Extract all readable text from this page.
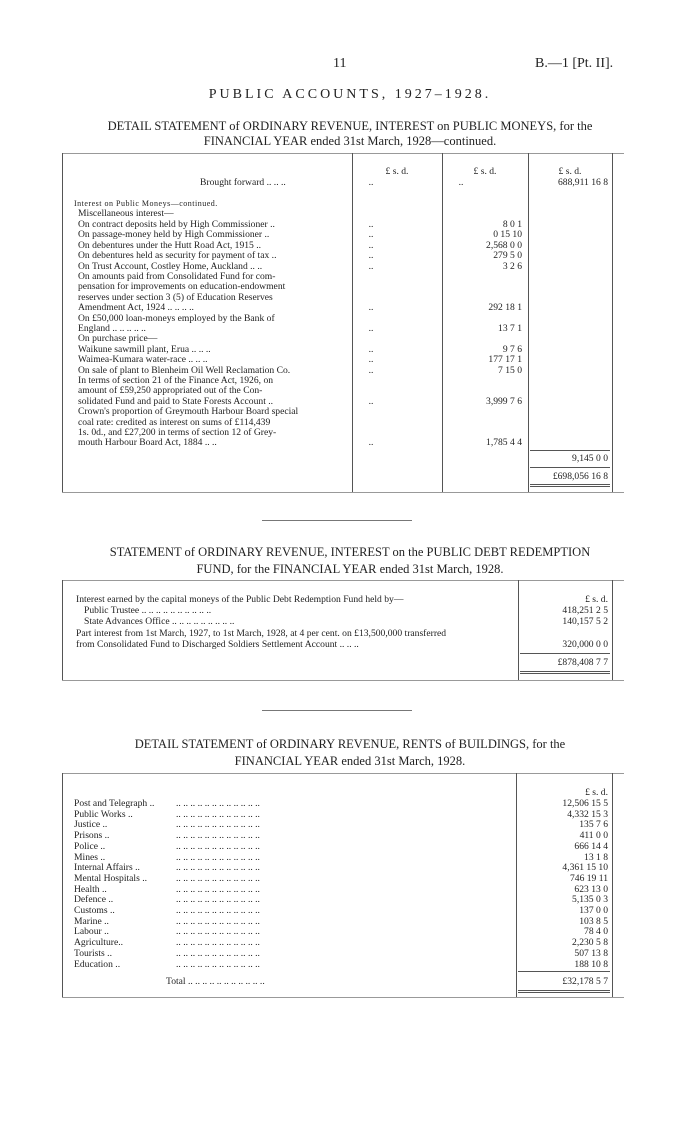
11	B.—1 [Pt. II].
PUBLIC ACCOUNTS, 1927–1928.
DETAIL STATEMENT of ORDINARY REVENUE, INTEREST on PUBLIC MONEYS, for the
FINANCIAL YEAR ended 31st March, 1928—continued.
£ s. d.	£ s. d.	£ s. d.
Brought forward .. .. ..	..	..	688,911 16 8
Interest on Public Moneys—continued.
Miscellaneous interest—
On contract deposits held by High Commissioner ..	..	8 0 1
On passage-money held by High Commissioner ..	..	0 15 10
On debentures under the Hutt Road Act, 1915 ..	..	2,568 0 0
On debentures held as security for payment of tax ..	..	279 5 0
On Trust Account, Costley Home, Auckland .. ..	..	3 2 6
On amounts paid from Consolidated Fund for com-
pensation for improvements on education-endowment
reserves under section 3 (5) of Education Reserves
Amendment Act, 1924 .. .. .. ..	..	292 18 1
On £50,000 loan-moneys employed by the Bank of
England .. .. .. .. ..	..	13 7 1
On purchase price—
Waikune sawmill plant, Erua .. .. ..	..	9 7 6
Waimea-Kumara water-race .. .. ..	..	177 17 1
On sale of plant to Blenheim Oil Well Reclamation Co.	..	7 15 0
In terms of section 21 of the Finance Act, 1926, on
amount of £59,250 appropriated out of the Con-
solidated Fund and paid to State Forests Account ..	..	3,999 7 6
Crown's proportion of Greymouth Harbour Board special
coal rate: credited as interest on sums of £114,439
1s. 0d., and £27,200 in terms of section 12 of Grey-
mouth Harbour Board Act, 1884 .. ..	..	1,785 4 4
9,145 0 0
£698,056 16 8
STATEMENT of ORDINARY REVENUE, INTEREST on the PUBLIC DEBT REDEMPTION
FUND, for the FINANCIAL YEAR ended 31st March, 1928.
£ s. d.
Interest earned by the capital moneys of the Public Debt Redemption Fund held by—
Public Trustee .. .. .. .. .. .. .. .. .. ..	418,251 2 5
State Advances Office .. .. .. .. .. .. .. .. ..	140,157 5 2
Part interest from 1st March, 1927, to 1st March, 1928, at 4 per cent. on £13,500,000 transferred
from Consolidated Fund to Discharged Soldiers Settlement Account .. .. ..	320,000 0 0
£878,408 7 7
DETAIL STATEMENT of ORDINARY REVENUE, RENTS of BUILDINGS, for the
FINANCIAL YEAR ended 31st March, 1928.
£ s. d.
Post and Telegraph .. .. .. .. .. .. .. .. .. .. .. .. ..	12,506 15 5
Public Works ..	.. .. .. .. .. .. .. .. .. .. .. ..	4,332 15 3
Justice ..	.. .. .. .. .. .. .. .. .. .. .. ..	135 7 6
Prisons ..	.. .. .. .. .. .. .. .. .. .. .. ..	411 0 0
Police ..	.. .. .. .. .. .. .. .. .. .. .. ..	666 14 4
Mines ..	.. .. .. .. .. .. .. .. .. .. .. ..	13 1 8
Internal Affairs ..	.. .. .. .. .. .. .. .. .. .. .. ..	4,361 15 10
Mental Hospitals ..	.. .. .. .. .. .. .. .. .. .. .. ..	746 19 11
Health ..	.. .. .. .. .. .. .. .. .. .. .. ..	623 13 0
Defence ..	.. .. .. .. .. .. .. .. .. .. .. ..	5,135 0 3
Customs ..	.. .. .. .. .. .. .. .. .. .. .. ..	137 0 0
Marine ..	.. .. .. .. .. .. .. .. .. .. .. ..	103 8 5
Labour ..	.. .. .. .. .. .. .. .. .. .. .. ..	78 4 0
Agriculture..	.. .. .. .. .. .. .. .. .. .. .. ..	2,230 5 8
Tourists ..	.. .. .. .. .. .. .. .. .. .. .. ..	507 13 8
Education ..	.. .. .. .. .. .. .. .. .. .. .. ..	188 10 8
Total .. .. .. .. .. .. .. .. .. .. ..	£32,178 5 7
